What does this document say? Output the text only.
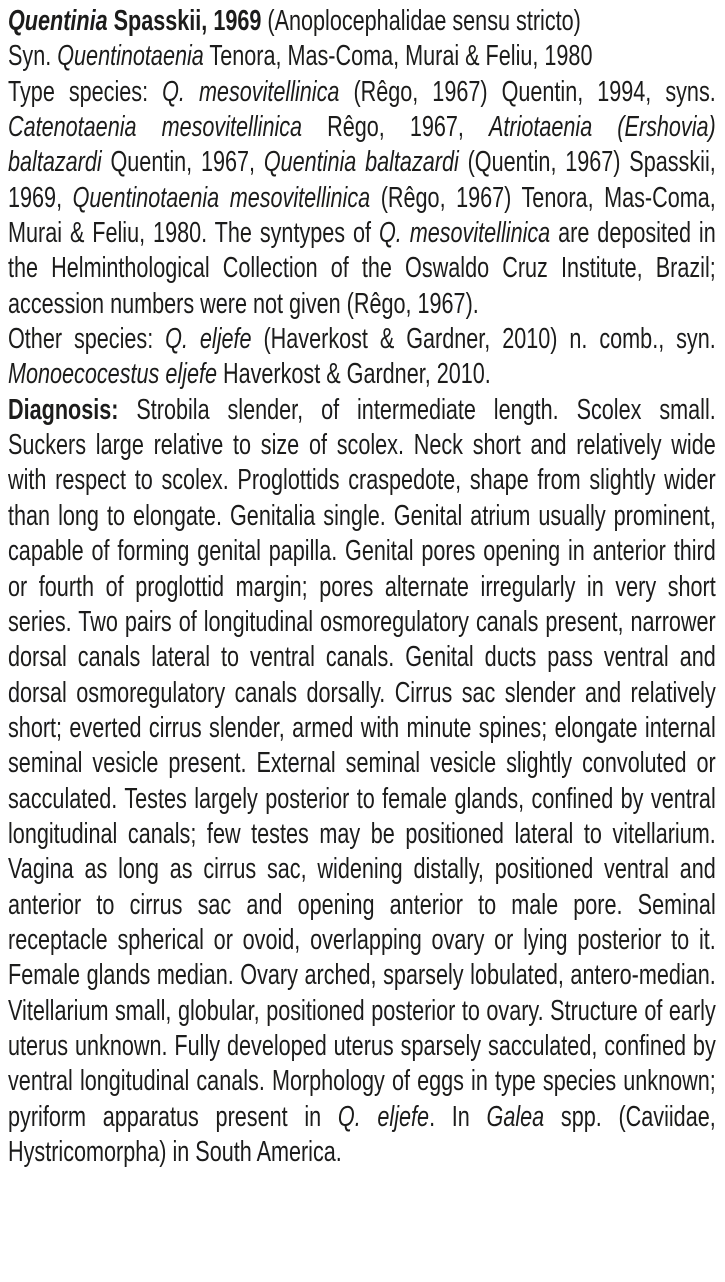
Quentinia Spasskii, 1969 (Anoplocephalidae sensu stricto)

Syn. Quentinotaenia Tenora, Mas-Coma, Murai & Feliu, 1980

Type species: Q. mesovitellinica (Rêgo, 1967) Quentin, 1994, syns. Catenotaenia mesovitellinica Rêgo, 1967, Atriotaenia (Ershovia) baltazardi Quentin, 1967, Quentinia baltazardi (Quentin, 1967) Spasskii, 1969, Quentinotaenia mesovitellinica (Rêgo, 1967) Tenora, Mas-Coma, Murai & Feliu, 1980. The syntypes of Q. mesovitellinica are deposited in the Helminthological Collection of the Oswaldo Cruz Institute, Brazil; accession numbers were not given (Rêgo, 1967).

Other species: Q. eljefe (Haverkost & Gardner, 2010) n. comb., syn. Monoecocestus eljefe Haverkost & Gardner, 2010.

Diagnosis: Strobila slender, of intermediate length. Scolex small. Suckers large relative to size of scolex. Neck short and relatively wide with respect to scolex. Proglottids craspedote, shape from slightly wider than long to elongate. Genitalia single. Genital atrium usually prominent, capable of forming genital papilla. Genital pores opening in anterior third or fourth of proglottid margin; pores alternate irregularly in very short series. Two pairs of longitudinal osmoregulatory canals present, narrower dorsal canals lateral to ventral canals. Genital ducts pass ventral and dorsal osmoregulatory canals dorsally. Cirrus sac slender and relatively short; everted cirrus slender, armed with minute spines; elongate internal seminal vesicle present. External seminal vesicle slightly convoluted or sacculated. Testes largely posterior to female glands, confined by ventral longitudinal canals; few testes may be positioned lateral to vitellarium. Vagina as long as cirrus sac, widening distally, positioned ventral and anterior to cirrus sac and opening anterior to male pore. Seminal receptacle spherical or ovoid, overlapping ovary or lying posterior to it. Female glands median. Ovary arched, sparsely lobulated, antero-median. Vitellarium small, globular, positioned posterior to ovary. Structure of early uterus unknown. Fully developed uterus sparsely sacculated, confined by ventral longitudinal canals. Morphology of eggs in type species unknown; pyriform apparatus present in Q. eljefe. In Galea spp. (Caviidae, Hystricomorpha) in South America.
